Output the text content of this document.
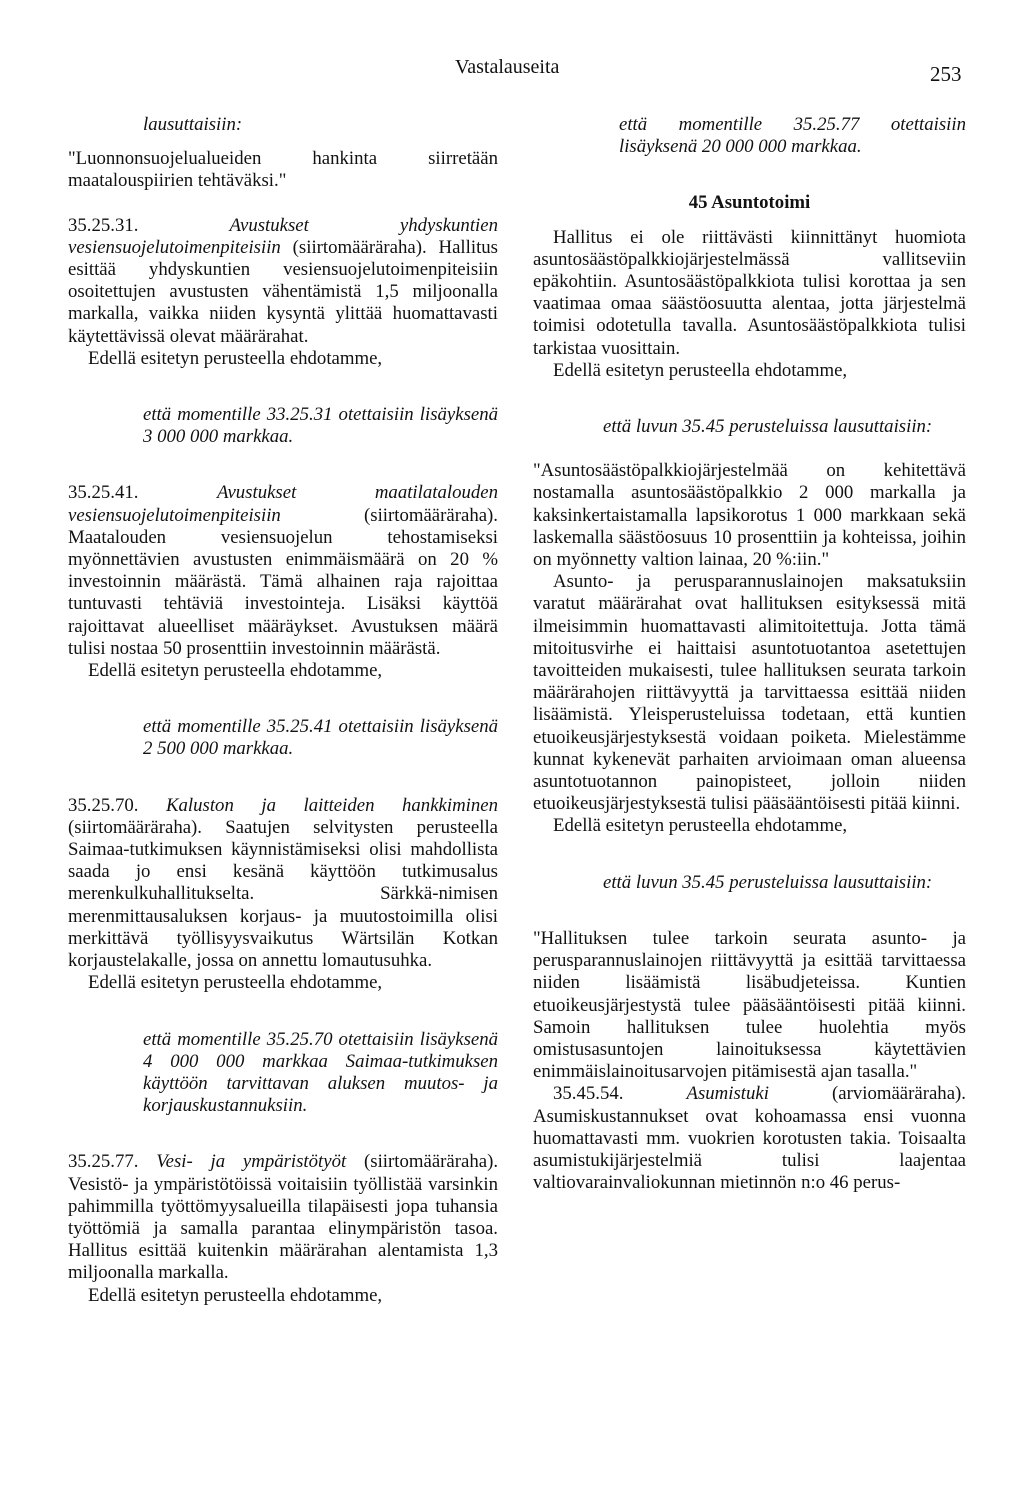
Vastalauseita	253

lausuttaisiin:

"Luonnonsuojelualueiden hankinta siirretään maatalouspiirien tehtäväksi."

35.25.31.	Avustukset yhdyskuntien vesiensuojelutoimenpiteisiin (siirtomääräraha). Hallitus esittää yhdyskuntien vesiensuojelutoimenpiteisiin osoitettujen avustusten vähentämistä 1,5 miljoonalla markalla, vaikka niiden kysyntä ylittää huomattavasti käytettävissä olevat määrärahat.

Edellä esitetyn perusteella ehdotamme,

että momentille 33.25.31 otettaisiin lisäyksenä 3 000 000 markkaa.

35.25.41.	Avustukset maatilatalouden vesiensuojelutoimenpiteisiin	(siirtomääräraha). Maatalouden vesiensuojelun tehostamiseksi myönnettävien avustusten enimmäismäärä on 20 % investoinnin määrästä. Tämä alhainen raja rajoittaa tuntuvasti tehtäviä investointeja. Lisäksi käyttöä rajoittavat alueelliset määräykset. Avustuksen määrä tulisi nostaa 50 prosenttiin investoinnin määrästä.

Edellä esitetyn perusteella ehdotamme,

että momentille 35.25.41 otettaisiin lisäyksenä 2 500 000 markkaa.

35.25.70. Kaluston ja laitteiden hankkiminen (siirtomääräraha). Saatujen selvitysten perusteella Saimaa-tutkimuksen käynnistämiseksi olisi mahdollista saada jo ensi kesänä käyttöön tutkimusalus merenkulkuhallitukselta. Särkkä-nimisen merenmittausaluksen korjaus- ja muutostoimilla olisi merkittävä työllisyysvaikutus Wärtsilän Kotkan korjaustelakalle, jossa on annettu lomautusuhka.

Edellä esitetyn perusteella ehdotamme,

että momentille 35.25.70 otettaisiin lisäyksenä 4 000 000 markkaa Saimaa-tutkimuksen käyttöön tarvittavan aluksen muutos- ja korjauskustannuksiin.

35.25.77. Vesi- ja ympäristötyöt (siirtomääräraha). Vesistö- ja ympäristötöissä voitaisiin työllistää varsinkin pahimmilla työttömyysalueilla tilapäisesti jopa tuhansia työttömiä ja samalla parantaa elinympäristön tasoa. Hallitus esittää kuitenkin määrärahan alentamista 1,3 miljoonalla markalla.

Edellä esitetyn perusteella ehdotamme,

että momentille 35.25.77 otettaisiin lisäyksenä 20 000 000 markkaa.

45 Asuntotoimi

Hallitus ei ole riittävästi kiinnittänyt huomiota asuntosäästöpalkkiojärjestelmässä vallitseviin epäkohtiin. Asuntosäästöpalkkiota tulisi korottaa ja sen vaatimaa omaa säästöosuutta alentaa, jotta järjestelmä toimisi odotetulla tavalla. Asuntosäästöpalkkiota tulisi tarkistaa vuosittain.

Edellä esitetyn perusteella ehdotamme,

että luvun 35.45 perusteluissa lausuttaisiin:

"Asuntosäästöpalkkiojärjestelmää on kehitettävä nostamalla asuntosäästöpalkkio 2 000 markalla ja kaksinkertaistamalla lapsikorotus 1 000 markkaan sekä laskemalla säästöosuus 10 prosenttiin ja kohteissa, joihin on myönnetty valtion lainaa, 20 %:iin."

Asunto- ja perusparannuslainojen maksatuksiin varatut määrärahat ovat hallituksen esityksessä mitä ilmeisimmin huomattavasti alimitoitettuja. Jotta tämä mitoitusvirhe ei haittaisi asuntotuotantoa asetettujen tavoitteiden mukaisesti, tulee hallituksen seurata tarkoin määrärahojen riittävyyttä ja tarvittaessa esittää niiden lisäämistä. Yleisperusteluissa todetaan, että kuntien etuoikeusjärjestyksestä voidaan poiketa. Mielestämme kunnat kykenevät parhaiten arvioimaan oman alueensa asuntotuotannon painopisteet, jolloin niiden etuoikeusjärjestyksestä tulisi pääsääntöisesti pitää kiinni.

Edellä esitetyn perusteella ehdotamme,

että luvun 35.45 perusteluissa lausuttaisiin:

"Hallituksen tulee tarkoin seurata asunto- ja perusparannuslainojen riittävyyttä ja esittää tarvittaessa niiden lisäämistä lisäbudjeteissa. Kuntien etuoikeusjärjestystä tulee pääsääntöisesti pitää kiinni. Samoin hallituksen tulee huolehtia myös omistusasuntojen lainoituksessa käytettävien enimmäislainoitusarvojen pitämisestä ajan tasalla."

35.45.54.	Asumistuki	(arviomääräraha). Asumiskustannukset ovat kohoamassa ensi vuonna huomattavasti mm. vuokrien korotusten takia. Toisaalta asumistukijärjestelmiä tulisi laajentaa valtiovarainvaliokunnan mietinnön n:o 46 perus-
